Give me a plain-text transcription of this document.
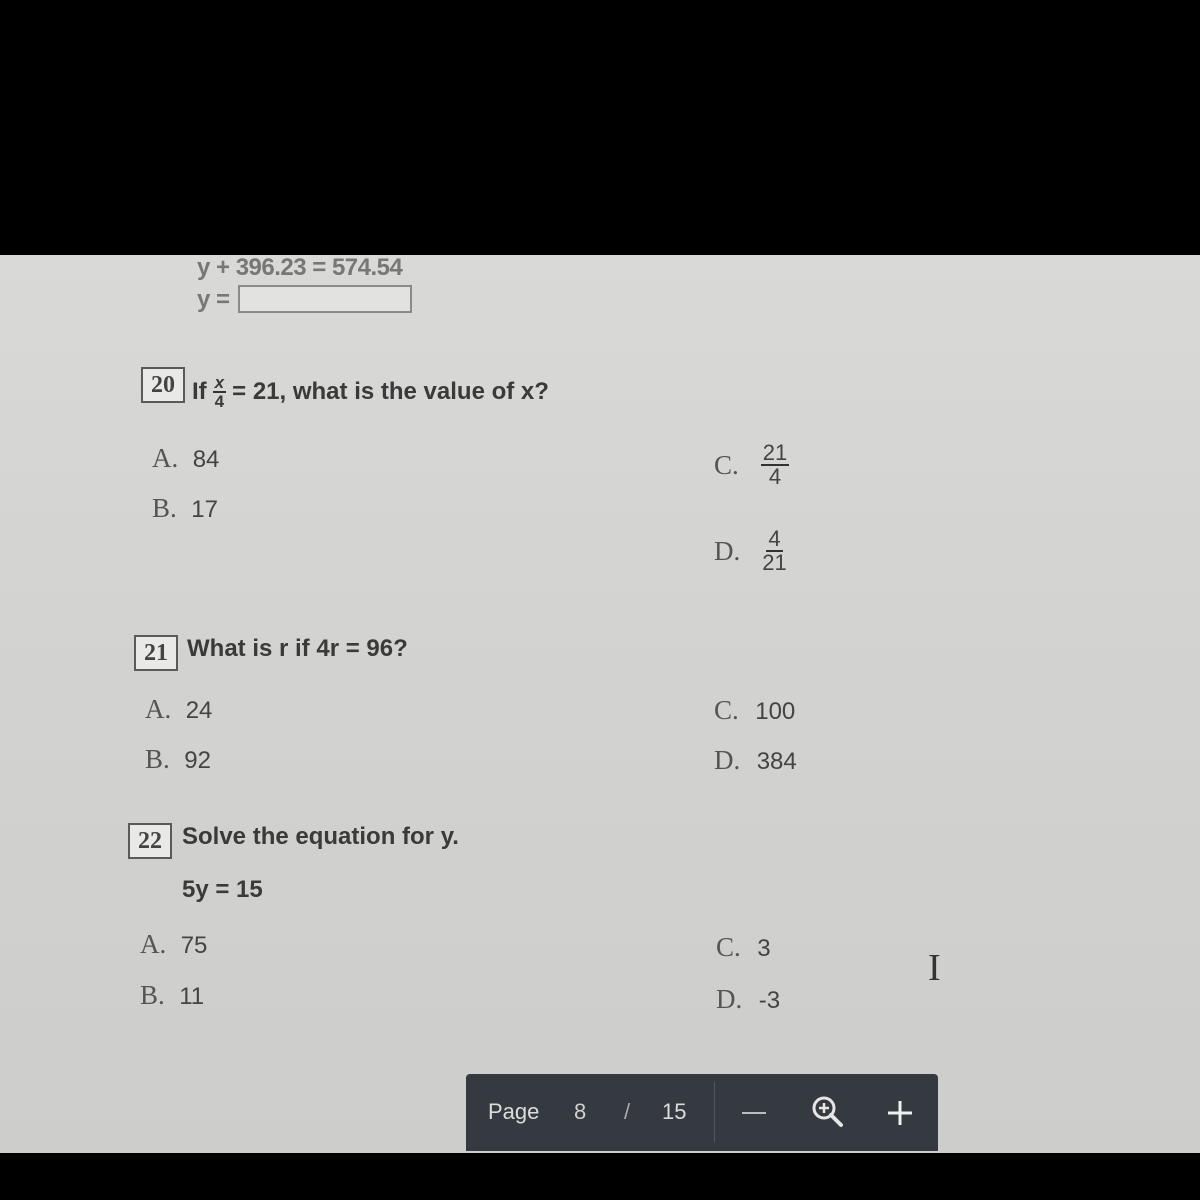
y + 396.23 = 574.54
y =
20 If $\frac{x}{4} = 21$, what is the value of x?
A. 84
B. 17
C. $\frac{21}{4}$
D. $\frac{4}{21}$
21 What is r if 4r = 96?
A. 24
B. 92
C. 100
D. 384
22 Solve the equation for y.
5y = 15
A. 75
B. 11
C. 3
D. -3
I
Page 8 / 15
